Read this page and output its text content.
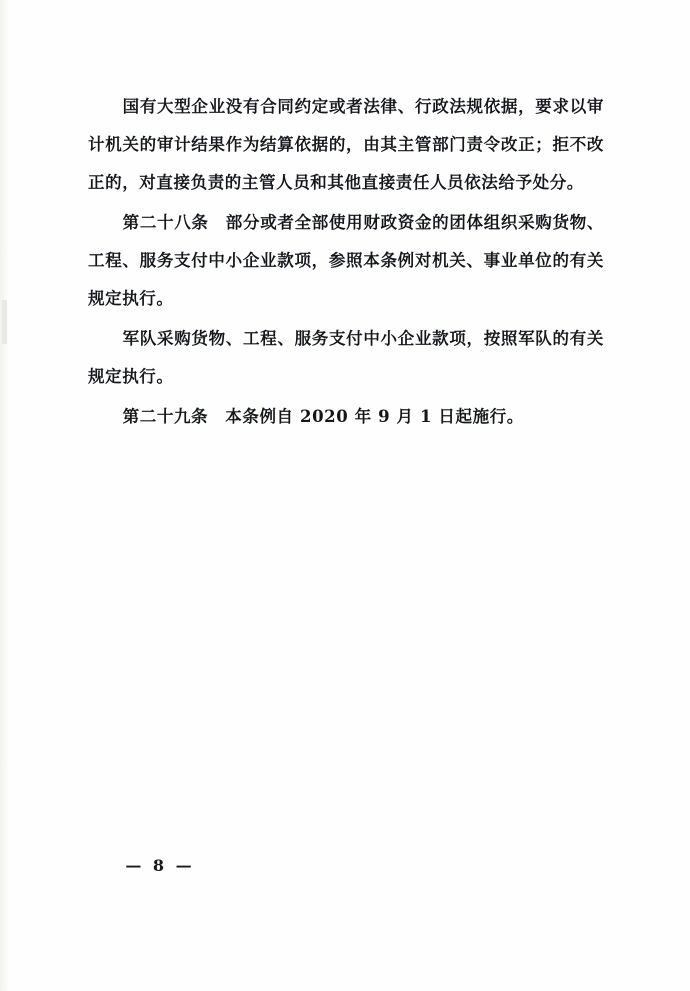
国有大型企业没有合同约定或者法律、行政法规依据，要求以审计机关的审计结果作为结算依据的，由其主管部门责令改正；拒不改正的，对直接负责的主管人员和其他直接责任人员依法给予处分。

第二十八条　部分或者全部使用财政资金的团体组织采购货物、工程、服务支付中小企业款项，参照本条例对机关、事业单位的有关规定执行。

军队采购货物、工程、服务支付中小企业款项，按照军队的有关规定执行。

第二十九条　本条例自 2020 年 9 月 1 日起施行。

— 8 —
